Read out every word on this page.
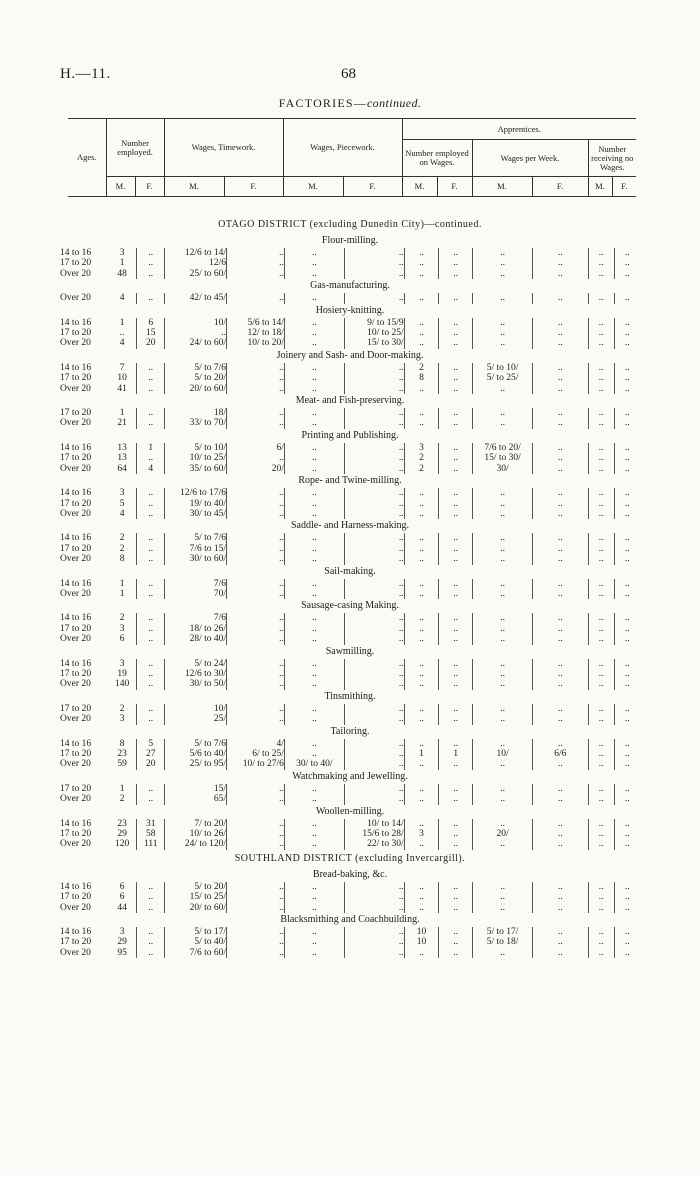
H.—11.	68
FACTORIES—continued.
Ages.	Number employed.		Wages, Timework.		Wages, Piecework.		Apprentices.					
							Number employed on Wages.		Wages per Week.		Number receiving no Wages.	
	M.	F.	M.	F.	M.	F.	M.	F.	M.	F.	M.	F.
OTAGO DISTRICT (excluding Dunedin City)—continued.												
Flour-milling.												
14 to 16	3	..	12/6 to 14/	..	..	..	..	..	..	..	..	..
17 to 20	1	..	12/6	..	..	..	..	..	..	..	..	..
Over 20	48	..	25/ to 60/	..	..	..	..	..	..	..	..	..
Gas-manufacturing.												
Over 20	4	..	42/ to 45/	..	..	..	..	..	..	..	..	..
Hosiery-knitting.												
14 to 16	1	6	10/	5/6 to 14/	..	9/ to 15/9	..	..	..	..	..	..
17 to 20	..	15	..	12/ to 18/	..	10/ to 25/	..	..	..	..	..	..
Over 20	4	20	24/ to 60/	10/ to 20/	..	15/ to 30/	..	..	..	..	..	..
Joinery and Sash- and Door-making.												
14 to 16	7	..	5/ to 7/6	..	..	..	2	..	5/ to 10/	..	..	..
17 to 20	10	..	5/ to 20/	..	..	..	8	..	5/ to 25/	..	..	..
Over 20	41	..	20/ to 60/	..	..	..	..	..	..	..	..	..
Meat- and Fish-preserving.												
17 to 20	1	..	18/	..	..	..	..	..	..	..	..	..
Over 20	21	..	33/ to 70/	..	..	..	..	..	..	..	..	..
Printing and Publishing.												
14 to 16	13	1	5/ to 10/	6/	..	..	3	..	7/6 to 20/	..	..	..
17 to 20	13	..	10/ to 25/	..	..	..	2	..	15/ to 30/	..	..	..
Over 20	64	4	35/ to 60/	20/	..	..	2	..	30/	..	..	..
Rope- and Twine-milling.												
14 to 16	3	..	12/6 to 17/6	..	..	..	..	..	..	..	..	..
17 to 20	5	..	19/ to 40/	..	..	..	..	..	..	..	..	..
Over 20	4	..	30/ to 45/	..	..	..	..	..	..	..	..	..
Saddle- and Harness-making.												
14 to 16	2	..	5/ to 7/6	..	..	..	..	..	..	..	..	..
17 to 20	2	..	7/6 to 15/	..	..	..	..	..	..	..	..	..
Over 20	8	..	30/ to 60/	..	..	..	..	..	..	..	..	..
Sail-making.												
14 to 16	1	..	7/6	..	..	..	..	..	..	..	..	..
Over 20	1	..	70/	..	..	..	..	..	..	..	..	..
Sausage-casing Making.												
14 to 16	2	..	7/6	..	..	..	..	..	..	..	..	..
17 to 20	3	..	18/ to 26/	..	..	..	..	..	..	..	..	..
Over 20	6	..	28/ to 40/	..	..	..	..	..	..	..	..	..
Sawmilling.												
14 to 16	3	..	5/ to 24/	..	..	..	..	..	..	..	..	..
17 to 20	19	..	12/6 to 30/	..	..	..	..	..	..	..	..	..
Over 20	140	..	30/ to 50/	..	..	..	..	..	..	..	..	..
Tinsmithing.												
17 to 20	2	..	10/	..	..	..	..	..	..	..	..	..
Over 20	3	..	25/	..	..	..	..	..	..	..	..	..
Tailoring.												
14 to 16	8	5	5/ to 7/6	4/	..	..	..	..	..	..	..	..
17 to 20	23	27	5/6 to 40/	6/ to 25/	..	..	1	1	10/	6/6	..	..
Over 20	59	20	25/ to 95/	10/ to 27/6	30/ to 40/	..	..	..	..	..	..	..
Watchmaking and Jewelling.												
17 to 20	1	..	15/	..	..	..	..	..	..	..	..	..
Over 20	2	..	65/	..	..	..	..	..	..	..	..	..
Woollen-milling.												
14 to 16	23	31	7/ to 20/	..	..	10/ to 14/	..	..	..	..	..	..
17 to 20	29	58	10/ to 26/	..	..	15/6 to 28/	3	..	20/	..	..	..
Over 20	120	111	24/ to 120/	..	..	22/ to 30/	..	..	..	..	..	..
SOUTHLAND DISTRICT (excluding Invercargill).												
Bread-baking, &c.												
14 to 16	6	..	5/ to 20/	..	..	..	..	..	..	..	..	..
17 to 20	6	..	15/ to 25/	..	..	..	..	..	..	..	..	..
Over 20	44	..	20/ to 60/	..	..	..	..	..	..	..	..	..
Blacksmithing and Coachbuilding.												
14 to 16	3	..	5/ to 17/	..	..	..	10	..	5/ to 17/	..	..	..
17 to 20	29	..	5/ to 40/	..	..	..	10	..	5/ to 18/	..	..	..
Over 20	95	..	7/6 to 60/	..	..	..	..	..	..	..	..	..
